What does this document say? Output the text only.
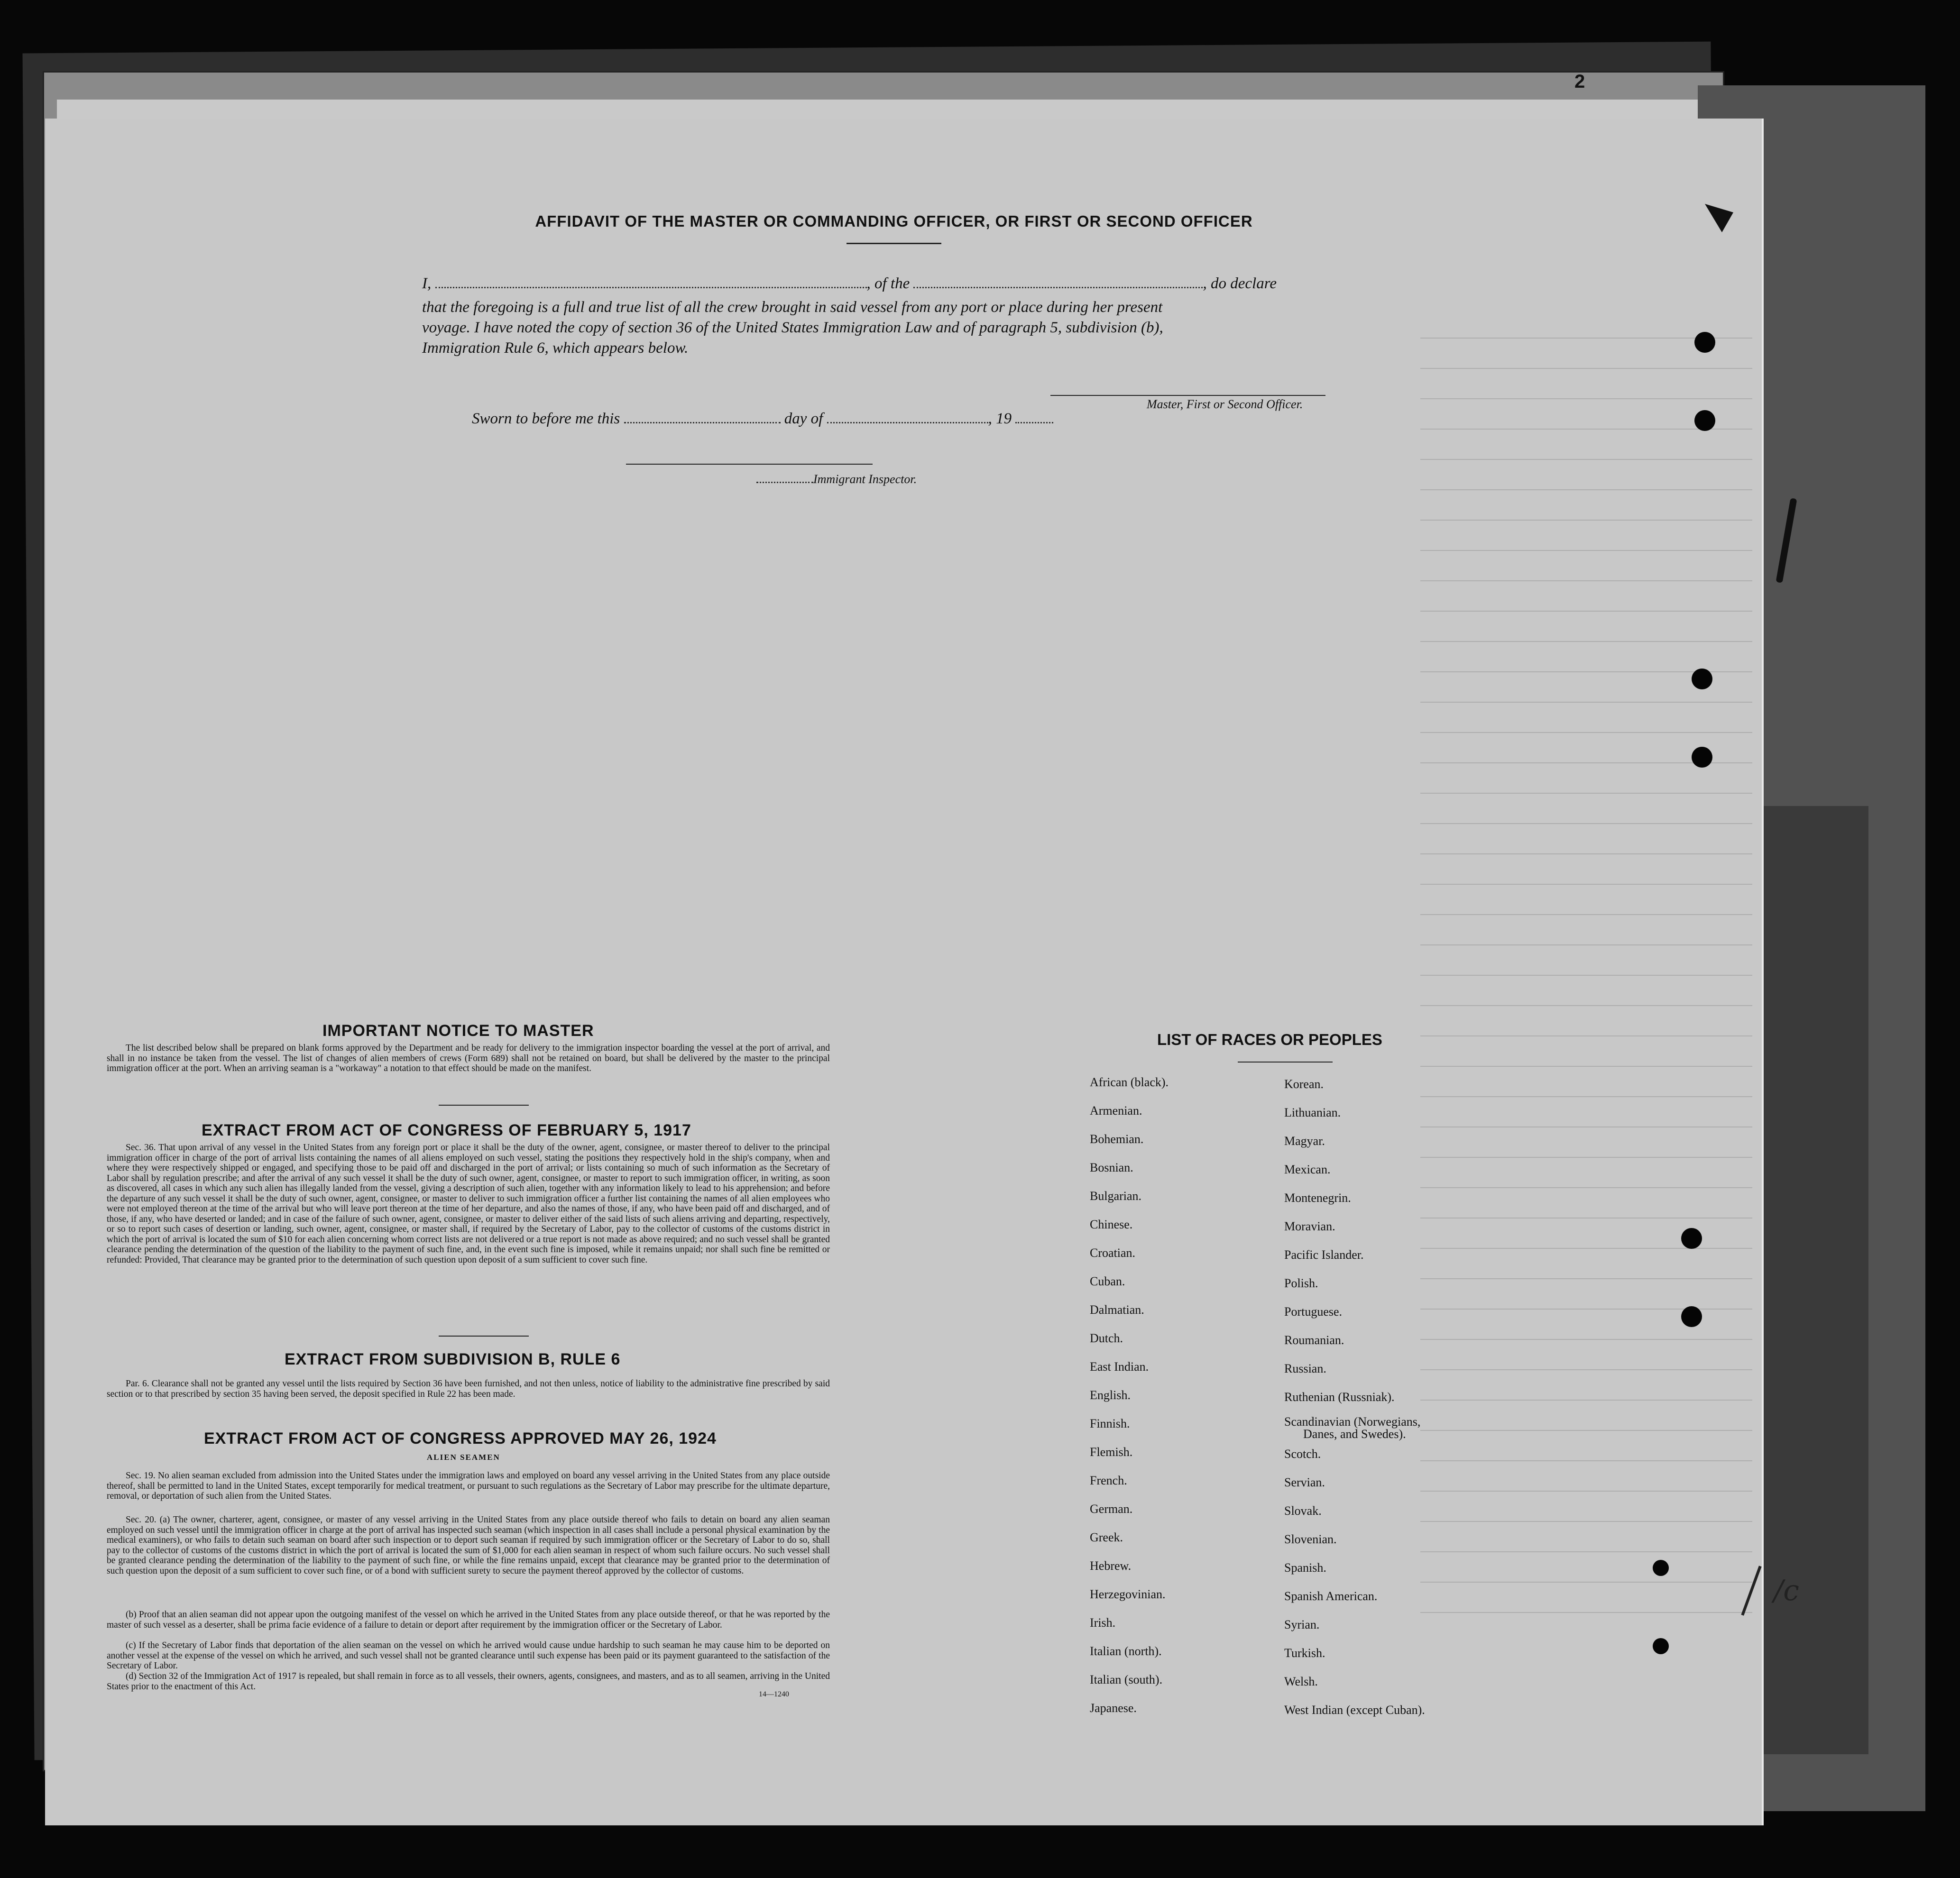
2
AFFIDAVIT OF THE MASTER OR COMMANDING OFFICER, OR FIRST OR SECOND OFFICER
I,	, of the	, do declare
that the foregoing is a full and true list of all the crew brought in said vessel from any port or place during her present
voyage. I have noted the copy of section 36 of the United States Immigration Law and of paragraph 5, subdivision (b),
Immigration Rule 6, which appears below.
Master, First or Second Officer.
Sworn to before me this	day of	, 19
Immigrant Inspector.
IMPORTANT NOTICE TO MASTER
The list described below shall be prepared on blank forms approved by the Department and be ready for delivery to the immigration inspector boarding the vessel at the port of arrival, and shall in no instance be taken from the vessel. The list of changes of alien members of crews (Form 689) shall not be retained on board, but shall be delivered by the master to the principal immigration officer at the port. When an arriving seaman is a "workaway" a notation to that effect should be made on the manifest.
EXTRACT FROM ACT OF CONGRESS OF FEBRUARY 5, 1917
Sec. 36. That upon arrival of any vessel in the United States from any foreign port or place it shall be the duty of the owner, agent, consignee, or master thereof to deliver to the principal immigration officer in charge of the port of arrival lists containing the names of all aliens employed on such vessel, stating the positions they respectively hold in the ship's company, when and where they were respectively shipped or engaged, and specifying those to be paid off and discharged in the port of arrival; or lists containing so much of such information as the Secretary of Labor shall by regulation prescribe; and after the arrival of any such vessel it shall be the duty of such owner, agent, consignee, or master to report to such immigration officer, in writing, as soon as discovered, all cases in which any such alien has illegally landed from the vessel, giving a description of such alien, together with any information likely to lead to his apprehension; and before the departure of any such vessel it shall be the duty of such owner, agent, consignee, or master to deliver to such immigration officer a further list containing the names of all alien employees who were not employed thereon at the time of the arrival but who will leave port thereon at the time of her departure, and also the names of those, if any, who have been paid off and discharged, and of those, if any, who have deserted or landed; and in case of the failure of such owner, agent, consignee, or master to deliver either of the said lists of such aliens arriving and departing, respectively, or so to report such cases of desertion or landing, such owner, agent, consignee, or master shall, if required by the Secretary of Labor, pay to the collector of customs of the customs district in which the port of arrival is located the sum of $10 for each alien concerning whom correct lists are not delivered or a true report is not made as above required; and no such vessel shall be granted clearance pending the determination of the question of the liability to the payment of such fine, and, in the event such fine is imposed, while it remains unpaid; nor shall such fine be remitted or refunded: Provided, That clearance may be granted prior to the determination of such question upon deposit of a sum sufficient to cover such fine.
EXTRACT FROM SUBDIVISION B, RULE 6
Par. 6. Clearance shall not be granted any vessel until the lists required by Section 36 have been furnished, and not then unless, notice of liability to the administrative fine prescribed by said section or to that prescribed by section 35 having been served, the deposit specified in Rule 22 has been made.
EXTRACT FROM ACT OF CONGRESS APPROVED MAY 26, 1924
ALIEN SEAMEN
Sec. 19. No alien seaman excluded from admission into the United States under the immigration laws and employed on board any vessel arriving in the United States from any place outside thereof, shall be permitted to land in the United States, except temporarily for medical treatment, or pursuant to such regulations as the Secretary of Labor may prescribe for the ultimate departure, removal, or deportation of such alien from the United States.
Sec. 20. (a) The owner, charterer, agent, consignee, or master of any vessel arriving in the United States from any place outside thereof who fails to detain on board any alien seaman employed on such vessel until the immigration officer in charge at the port of arrival has inspected such seaman (which inspection in all cases shall include a personal physical examination by the medical examiners), or who fails to detain such seaman on board after such inspection or to deport such seaman if required by such immigration officer or the Secretary of Labor to do so, shall pay to the collector of customs of the customs district in which the port of arrival is located the sum of $1,000 for each alien seaman in respect of whom such failure occurs. No such vessel shall be granted clearance pending the determination of the liability to the payment of such fine, or while the fine remains unpaid, except that clearance may be granted prior to the determination of such question upon the deposit of a sum sufficient to cover such fine, or of a bond with sufficient surety to secure the payment thereof approved by the collector of customs.
(b) Proof that an alien seaman did not appear upon the outgoing manifest of the vessel on which he arrived in the United States from any place outside thereof, or that he was reported by the master of such vessel as a deserter, shall be prima facie evidence of a failure to detain or deport after requirement by the immigration officer or the Secretary of Labor.
(c) If the Secretary of Labor finds that deportation of the alien seaman on the vessel on which he arrived would cause undue hardship to such seaman he may cause him to be deported on another vessel at the expense of the vessel on which he arrived, and such vessel shall not be granted clearance until such expense has been paid or its payment guaranteed to the satisfaction of the Secretary of Labor.
(d) Section 32 of the Immigration Act of 1917 is repealed, but shall remain in force as to all vessels, their owners, agents, consignees, and masters, and as to all seamen, arriving in the United States prior to the enactment of this Act.
14—1240
LIST OF RACES OR PEOPLES
African (black).
Armenian.
Bohemian.
Bosnian.
Bulgarian.
Chinese.
Croatian.
Cuban.
Dalmatian.
Dutch.
East Indian.
English.
Finnish.
Flemish.
French.
German.
Greek.
Hebrew.
Herzegovinian.
Irish.
Italian (north).
Italian (south).
Japanese.
Korean.
Lithuanian.
Magyar.
Mexican.
Montenegrin.
Moravian.
Pacific Islander.
Polish.
Portuguese.
Roumanian.
Russian.
Ruthenian (Russniak).
Scandinavian (Norwegians,
Danes, and Swedes).
Scotch.
Servian.
Slovak.
Slovenian.
Spanish.
Spanish American.
Syrian.
Turkish.
Welsh.
West Indian (except Cuban).
/c
